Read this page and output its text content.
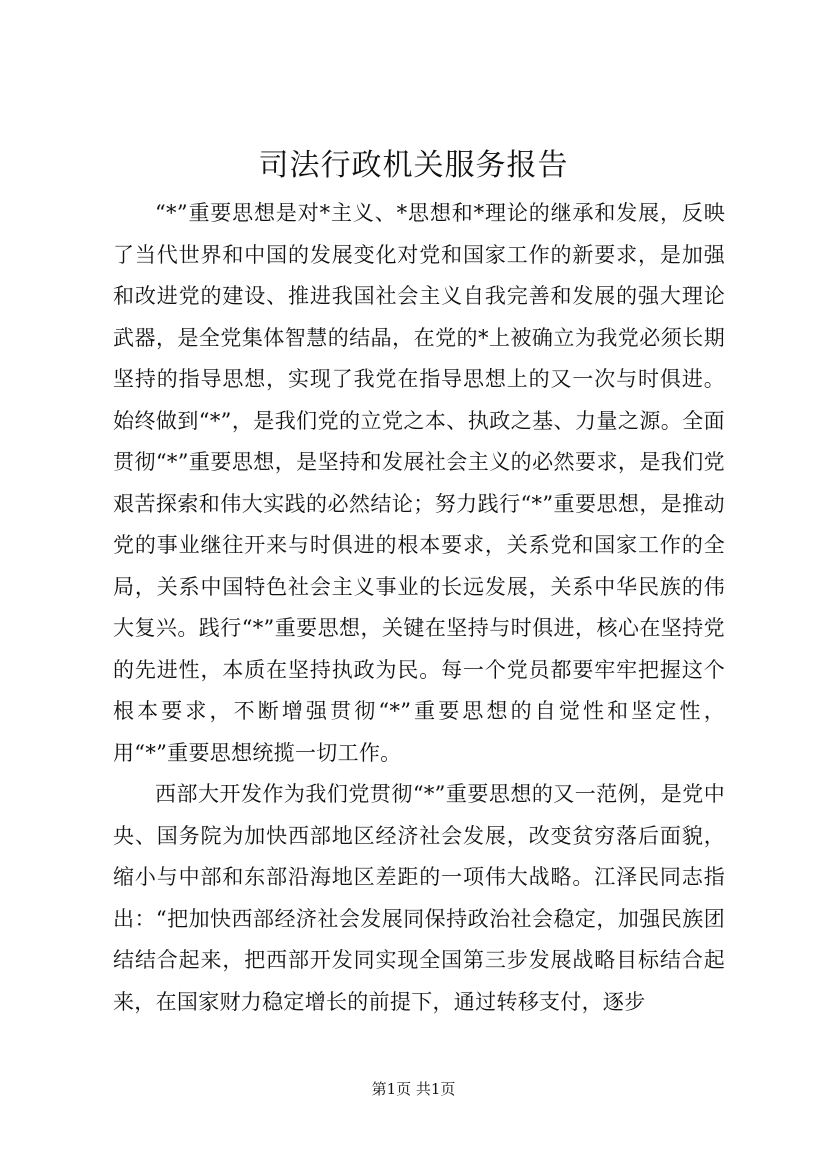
司法行政机关服务报告

“*”重要思想是对*主义、*思想和*理论的继承和发展，反映了当代世界和中国的发展变化对党和国家工作的新要求，是加强和改进党的建设、推进我国社会主义自我完善和发展的强大理论武器，是全党集体智慧的结晶，在党的*上被确立为我党必须长期坚持的指导思想，实现了我党在指导思想上的又一次与时俱进。始终做到“*”，是我们党的立党之本、执政之基、力量之源。全面贯彻“*”重要思想，是坚持和发展社会主义的必然要求，是我们党艰苦探索和伟大实践的必然结论；努力践行“*”重要思想，是推动党的事业继往开来与时俱进的根本要求，关系党和国家工作的全局，关系中国特色社会主义事业的长远发展，关系中华民族的伟大复兴。践行“*”重要思想，关键在坚持与时俱进，核心在坚持党的先进性，本质在坚持执政为民。每一个党员都要牢牢把握这个根本要求，不断增强贯彻“*”重要思想的自觉性和坚定性，用“*”重要思想统揽一切工作。

西部大开发作为我们党贯彻“*”重要思想的又一范例，是党中央、国务院为加快西部地区经济社会发展，改变贫穷落后面貌，缩小与中部和东部沿海地区差距的一项伟大战略。江泽民同志指出：“把加快西部经济社会发展同保持政治社会稳定，加强民族团结结合起来，把西部开发同实现全国第三步发展战略目标结合起来，在国家财力稳定增长的前提下，通过转移支付，逐步

第1页 共1页
